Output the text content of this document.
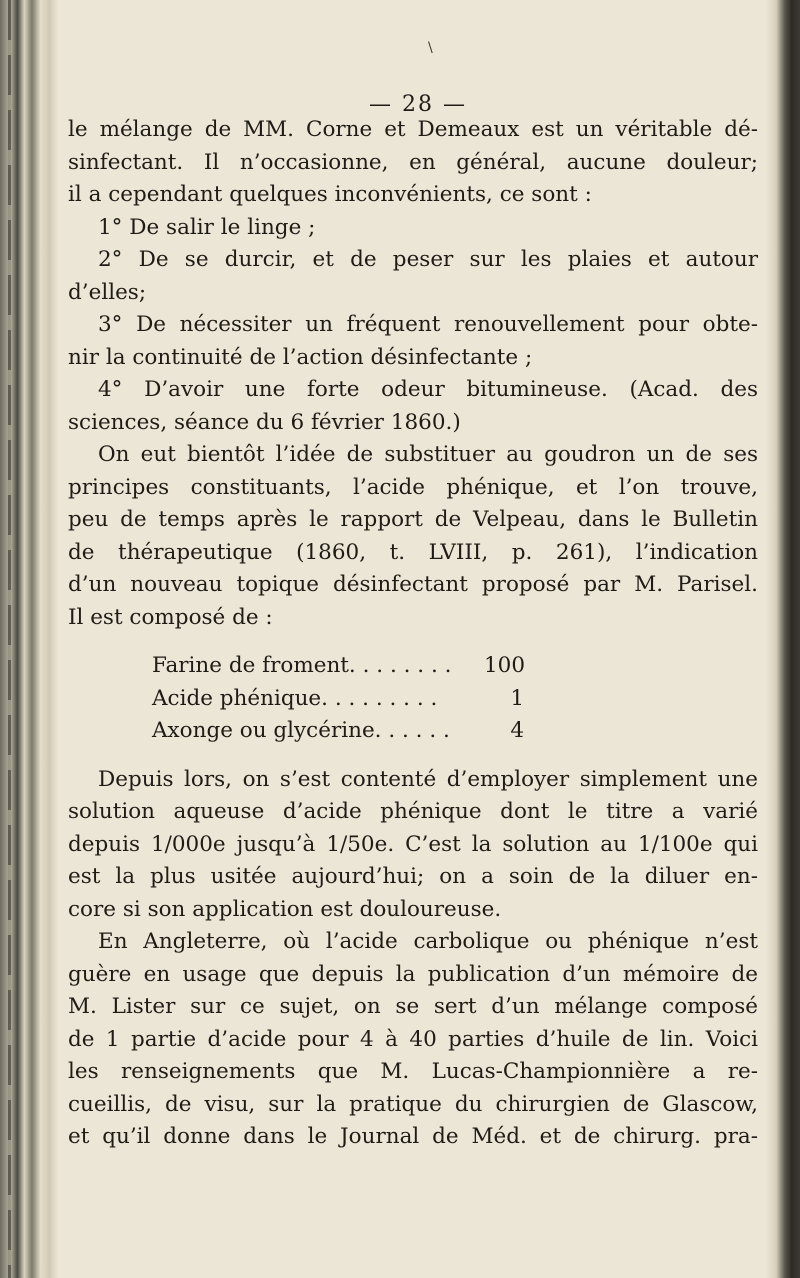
\
— 28 —
le mélange de MM. Corne et Demeaux est un véritable dé-
sinfectant. Il n’occasionne, en général, aucune douleur;
il a cependant quelques inconvénients, ce sont :
1° De salir le linge ;
2° De se durcir, et de peser sur les plaies et autour
d’elles;
3° De nécessiter un fréquent renouvellement pour obte-
nir la continuité de l’action désinfectante ;
4° D’avoir une forte odeur bitumineuse. (Acad. des
sciences, séance du 6 février 1860.)
On eut bientôt l’idée de substituer au goudron un de ses
principes constituants, l’acide phénique, et l’on trouve,
peu de temps après le rapport de Velpeau, dans le Bulletin
de thérapeutique (1860, t. LVIII, p. 261), l’indication
d’un nouveau topique désinfectant proposé par M. Parisel.
Il est composé de :
Farine de froment. . . . . . . . 100
Acide phénique. . . . . . . . .	1
Axonge ou glycérine. . . . . .	4
Depuis lors, on s’est contenté d’employer simplement une
solution aqueuse d’acide phénique dont le titre a varié
depuis 1/000e jusqu’à 1/50e. C’est la solution au 1/100e qui
est la plus usitée aujourd’hui; on a soin de la diluer en-
core si son application est douloureuse.
En Angleterre, où l’acide carbolique ou phénique n’est
guère en usage que depuis la publication d’un mémoire de
M. Lister sur ce sujet, on se sert d’un mélange composé
de 1 partie d’acide pour 4 à 40 parties d’huile de lin. Voici
les renseignements que M. Lucas-Championnière a re-
cueillis, de visu, sur la pratique du chirurgien de Glascow,
et qu’il donne dans le Journal de Méd. et de chirurg. pra-
